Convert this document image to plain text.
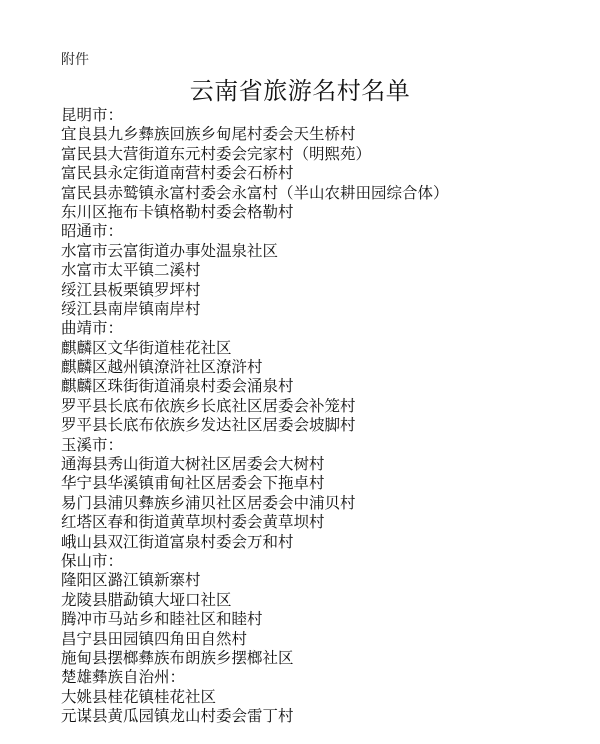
附件
云南省旅游名村名单
昆明市：
宜良县九乡彝族回族乡甸尾村委会天生桥村
富民县大营街道东元村委会完家村（明熙苑）
富民县永定街道南营村委会石桥村
富民县赤鹫镇永富村委会永富村（半山农耕田园综合体）
东川区拖布卡镇格勒村委会格勒村
昭通市：
水富市云富街道办事处温泉社区
水富市太平镇二溪村
绥江县板栗镇罗坪村
绥江县南岸镇南岸村
曲靖市：
麒麟区文华街道桂花社区
麒麟区越州镇潦浒社区潦浒村
麒麟区珠街街道涌泉村委会涌泉村
罗平县长底布依族乡长底社区居委会补笼村
罗平县长底布依族乡发达社区居委会坡脚村
玉溪市：
通海县秀山街道大树社区居委会大树村
华宁县华溪镇甫甸社区居委会下拖卓村
易门县浦贝彝族乡浦贝社区居委会中浦贝村
红塔区春和街道黄草坝村委会黄草坝村
峨山县双江街道富泉村委会万和村
保山市：
隆阳区潞江镇新寨村
龙陵县腊勐镇大垭口社区
腾冲市马站乡和睦社区和睦村
昌宁县田园镇四角田自然村
施甸县摆榔彝族布朗族乡摆榔社区
楚雄彝族自治州：
大姚县桂花镇桂花社区
元谋县黄瓜园镇龙山村委会雷丁村
